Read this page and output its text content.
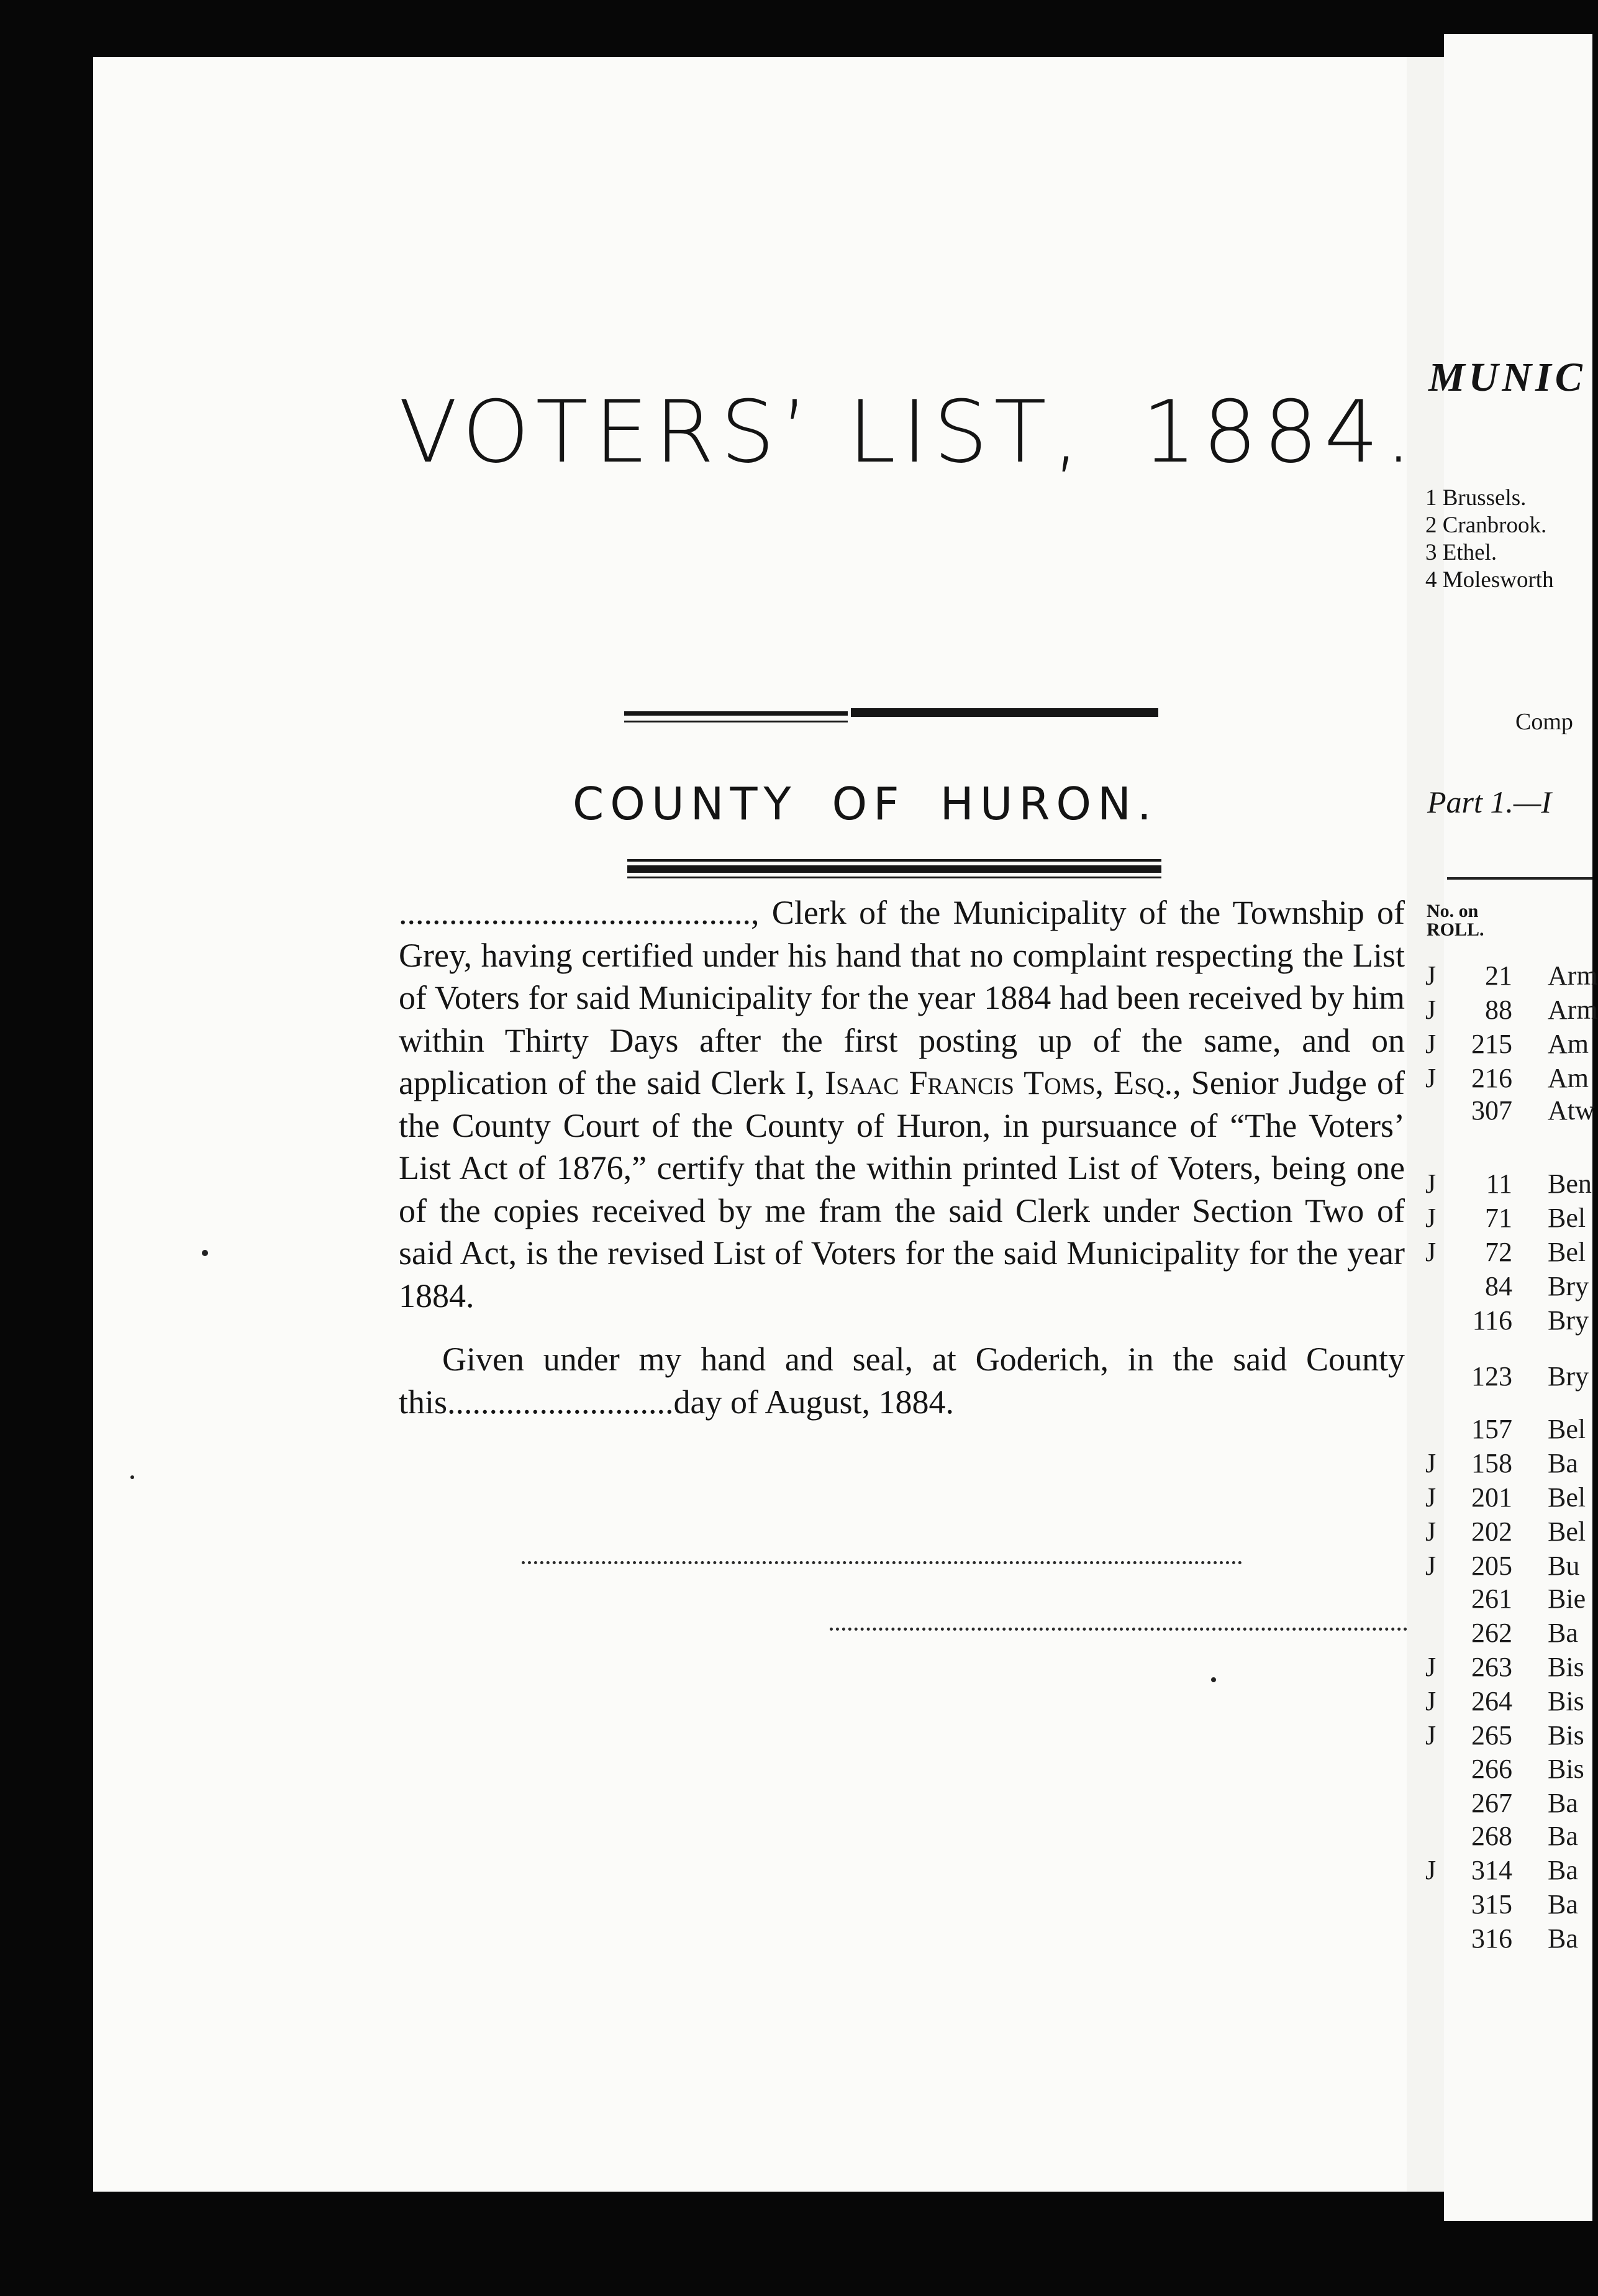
VOTERS’ LIST, 1884.
COUNTY OF HURON.

.........................................., Clerk of the Municipality of the Township of Grey, having certified under his hand that no complaint respecting the List of Voters for said Municipality for the year 1884 had been received by him within Thirty Days after the first posting up of the same, and on application of the said Clerk I, Isaac Francis Toms, Esq., Senior Judge of the County Court of the County of Huron, in pursuance of “The Voters’ List Act of 1876,” certify that the within printed List of Voters, being one of the copies received by me fram the said Clerk under Section Two of said Act, is the revised List of Voters for the said Municipality for the year 1884.

Given under my hand and seal, at Goderich, in the said County this...........................day of August, 1884.

MUNIC
1 Brussels.
2 Cranbrook.
3 Ethel.
4 Molesworth
Comp
Part 1.—I
No. on
ROLL.
J	21 Arm
J	88 Arm
J	215 Am
J	216 Am
307 Atw
J	11 Ben
J	71 Bel
J	72 Bel
84 Bry
116 Bry
123 Bry
157 Bel
J	158 Ba
J	201 Bel
J	202 Bel
J	205 Bu
261 Bie
262 Ba
J	263 Bis
J	264 Bis
J	265 Bis
266 Bis
267 Ba
268 Ba
J	314 Ba
315 Ba
316 Ba
